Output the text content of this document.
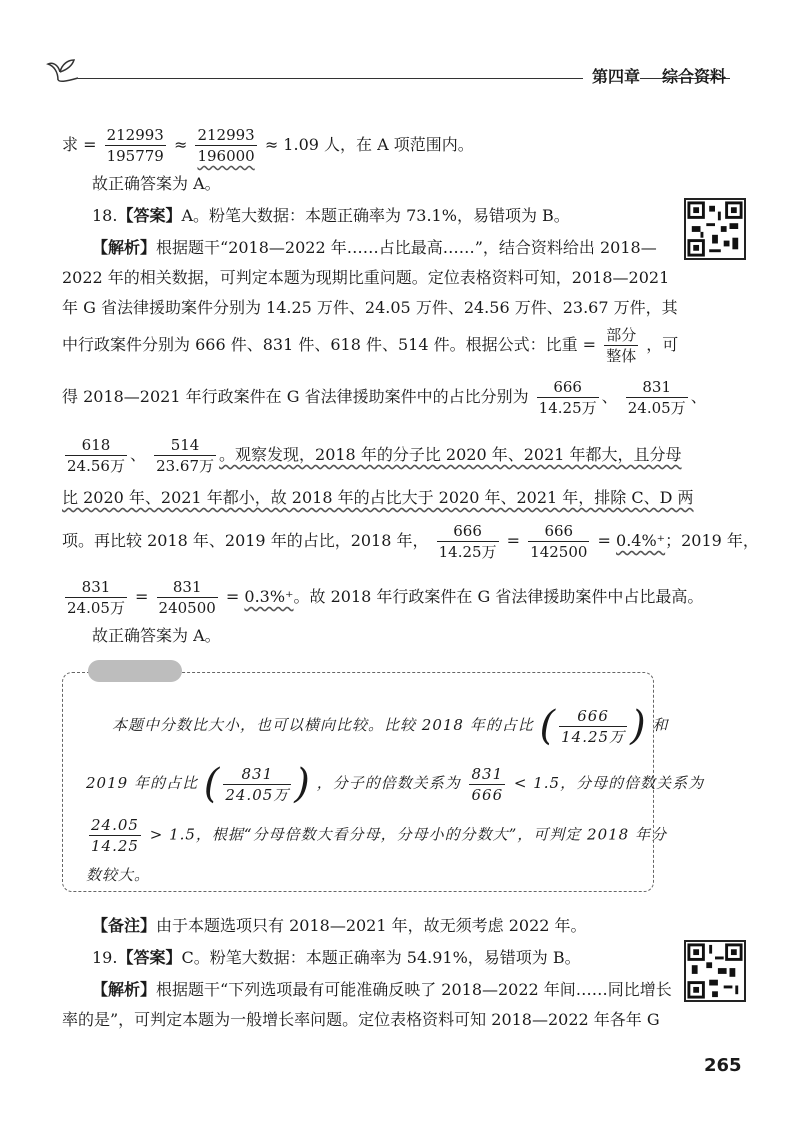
第四章 综合资料
求 = $\frac{212993}{195779} \approx \frac{212993}{196000} \approx 1.09$ 人，在 A 项范围内。
故正确答案为 A。
18.【答案】A。粉笔大数据：本题正确率为 73.1%，易错项为 B。
【解析】根据题干“2018—2022 年……占比最高……”，结合资料给出 2018—
2022 年的相关数据，可判定本题为现期比重问题。定位表格资料可知，2018—2021
年 G 省法律援助案件分别为 14.25 万件、24.05 万件、24.56 万件、23.67 万件，其
中行政案件分别为 666 件、831 件、618 件、514 件。根据公式：比重 = $\frac{\text{部分}}{\text{整体}}$ ，可
得 2018—2021 年行政案件在 G 省法律援助案件中的占比分别为 $\frac{666}{\text{14.25万}}$ 、 $\frac{831}{\text{24.05万}}$ 、
$\frac{618}{\text{24.56万}}$ 、 $\frac{514}{\text{23.67万}}$ 。观察发现，2018 年的分子比 2020 年、2021 年都大，且分母
比 2020 年、2021 年都小，故 2018 年的占比大于 2020 年、2021 年，排除 C、D 两
项。再比较 2018 年、2019 年的占比，2018 年， $\frac{666}{\text{14.25万}} = \frac{666}{142500} = 0.4\%^+$；2019 年，
$\frac{831}{\text{24.05万}} = \frac{831}{240500} = 0.3\%^+$。故 2018 年行政案件在 G 省法律援助案件中占比最高。
故正确答案为 A。
本题中分数比大小，也可以横向比较。比较 2018 年的占比 ( $\frac{666}{\text{14.25万}}$ ) 和
2019 年的占比 ( $\frac{831}{\text{24.05万}}$ ) ，分子的倍数关系为 $\frac{831}{666} < 1.5$，分母的倍数关系为
$\frac{24.05}{14.25} > 1.5$，根据“分母倍数大看分母，分母小的分数大”，可判定 2018 年分
数较大。
【备注】由于本题选项只有 2018—2021 年，故无须考虑 2022 年。
19.【答案】C。粉笔大数据：本题正确率为 54.91%，易错项为 B。
【解析】根据题干“下列选项最有可能准确反映了 2018—2022 年间……同比增长
率的是”，可判定本题为一般增长率问题。定位表格资料可知 2018—2022 年各年 G
265
